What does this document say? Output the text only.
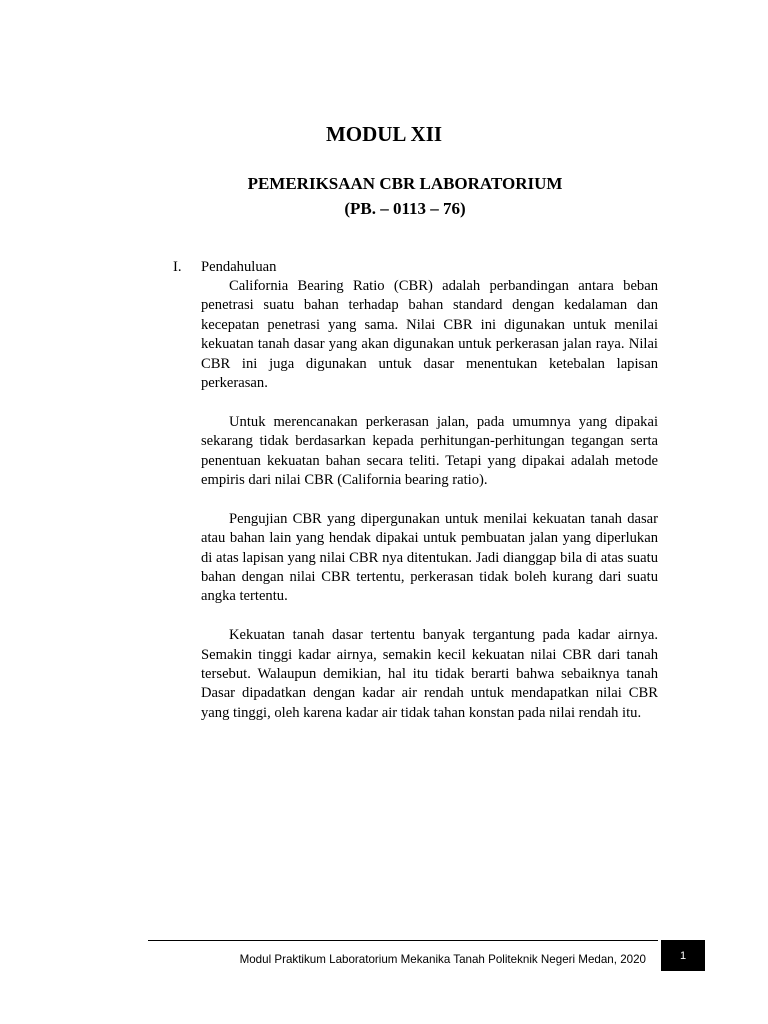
MODUL XII
PEMERIKSAAN CBR LABORATORIUM
(PB. – 0113 – 76)
I. Pendahuluan

California Bearing Ratio (CBR) adalah perbandingan antara beban penetrasi suatu bahan terhadap bahan standard dengan kedalaman dan kecepatan penetrasi yang sama. Nilai CBR ini digunakan untuk menilai kekuatan tanah dasar yang akan digunakan untuk perkerasan jalan raya. Nilai CBR ini juga digunakan untuk dasar menentukan ketebalan lapisan perkerasan.

Untuk merencanakan perkerasan jalan, pada umumnya yang dipakai sekarang tidak berdasarkan kepada perhitungan-perhitungan tegangan serta penentuan kekuatan bahan secara teliti. Tetapi yang dipakai adalah metode empiris dari nilai CBR (California bearing ratio).

Pengujian CBR yang dipergunakan untuk menilai kekuatan tanah dasar atau bahan lain yang hendak dipakai untuk pembuatan jalan yang diperlukan di atas lapisan yang nilai CBR nya ditentukan. Jadi dianggap bila di atas suatu bahan dengan nilai CBR tertentu, perkerasan tidak boleh kurang dari suatu angka tertentu.

Kekuatan tanah dasar tertentu banyak tergantung pada kadar airnya. Semakin tinggi kadar airnya, semakin kecil kekuatan nilai CBR dari tanah tersebut. Walaupun demikian, hal itu tidak berarti bahwa sebaiknya tanah Dasar dipadatkan dengan kadar air rendah untuk mendapatkan nilai CBR yang tinggi, oleh karena kadar air tidak tahan konstan pada nilai rendah itu.

Modul Praktikum Laboratorium Mekanika Tanah Politeknik Negeri Medan, 2020	1
